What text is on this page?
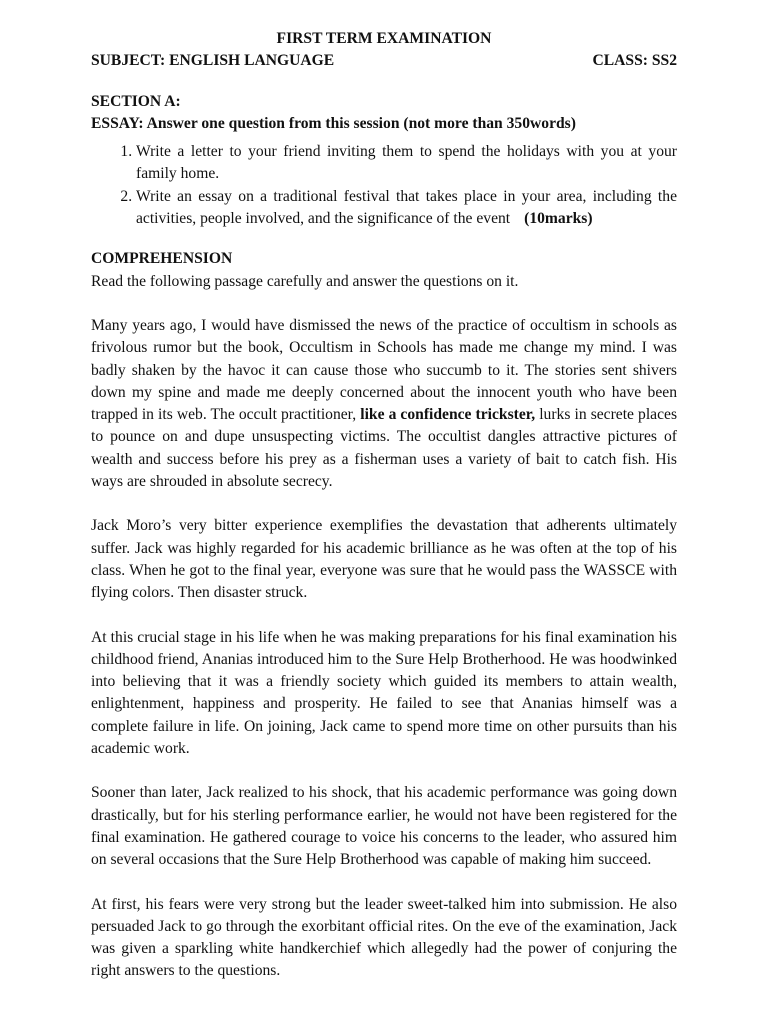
FIRST TERM EXAMINATION
SUBJECT: ENGLISH LANGUAGE	CLASS: SS2
SECTION A:
ESSAY: Answer one question from this session (not more than 350words)
1. Write a letter to your friend inviting them to spend the holidays with you at your family home.
2. Write an essay on a traditional festival that takes place in your area, including the activities, people involved, and the significance of the event (10marks)
COMPREHENSION

Read the following passage carefully and answer the questions on it.

Many years ago, I would have dismissed the news of the practice of occultism in schools as frivolous rumor but the book, Occultism in Schools has made me change my mind. I was badly shaken by the havoc it can cause those who succumb to it. The stories sent shivers down my spine and made me deeply concerned about the innocent youth who have been trapped in its web. The occult practitioner, like a confidence trickster, lurks in secrete places to pounce on and dupe unsuspecting victims. The occultist dangles attractive pictures of wealth and success before his prey as a fisherman uses a variety of bait to catch fish. His ways are shrouded in absolute secrecy.

Jack Moro’s very bitter experience exemplifies the devastation that adherents ultimately suffer. Jack was highly regarded for his academic brilliance as he was often at the top of his class. When he got to the final year, everyone was sure that he would pass the WASSCE with flying colors. Then disaster struck.

At this crucial stage in his life when he was making preparations for his final examination his childhood friend, Ananias introduced him to the Sure Help Brotherhood. He was hoodwinked into believing that it was a friendly society which guided its members to attain wealth, enlightenment, happiness and prosperity. He failed to see that Ananias himself was a complete failure in life. On joining, Jack came to spend more time on other pursuits than his academic work.

Sooner than later, Jack realized to his shock, that his academic performance was going down drastically, but for his sterling performance earlier, he would not have been registered for the final examination. He gathered courage to voice his concerns to the leader, who assured him on several occasions that the Sure Help Brotherhood was capable of making him succeed.

At first, his fears were very strong but the leader sweet-talked him into submission. He also persuaded Jack to go through the exorbitant official rites. On the eve of the examination, Jack was given a sparkling white handkerchief which allegedly had the power of conjuring the right answers to the questions.
